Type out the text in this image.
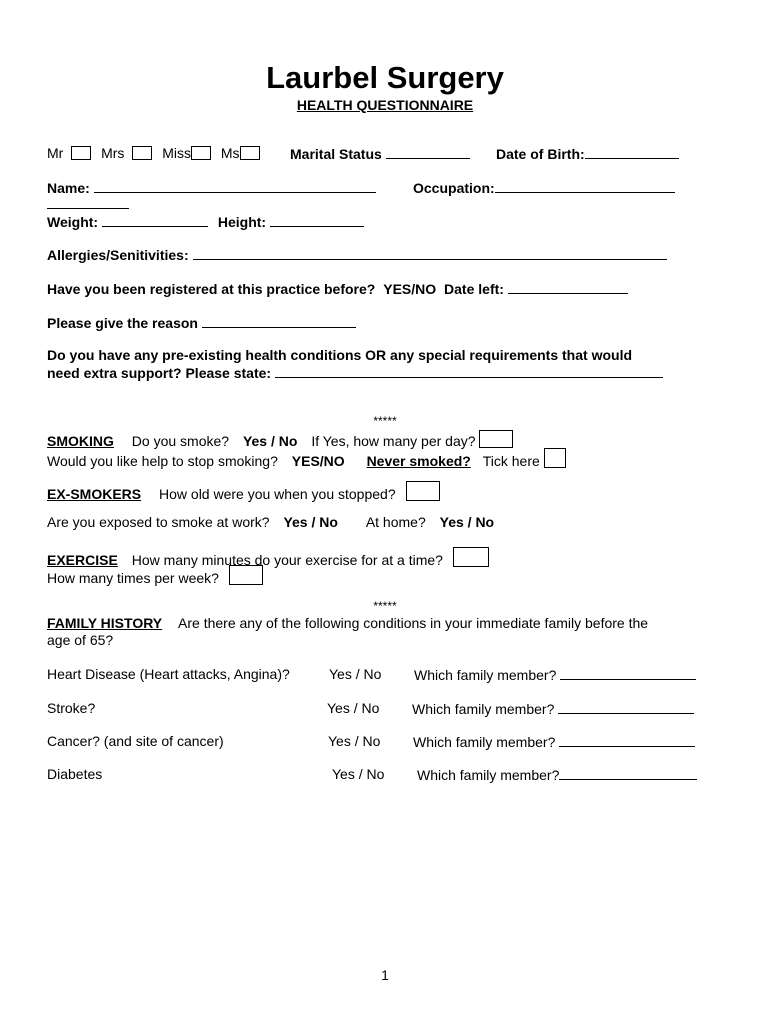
Laurbel Surgery
HEALTH QUESTIONNAIRE
Mr	Mrs	Miss Ms	Marital Status	Date of Birth:
Name:	Occupation:
Weight:	Height:
Allergies/Senitivities:
Have you been registered at this practice before? YES/NO Date left:
Please give the reason
Do you have any pre-existing health conditions OR any special requirements that would
need extra support? Please state:
*****
SMOKING Do you smoke? Yes / No If Yes, how many per day?
Would you like help to stop smoking? YES/NO Never smoked? Tick here
EX-SMOKERS How old were you when you stopped?
Are you exposed to smoke at work? Yes / No At home? Yes / No
EXERCISE How many minutes do your exercise for at a time?
How many times per week?
*****
FAMILY HISTORY Are there any of the following conditions in your immediate family before the
age of 65?
Heart Disease (Heart attacks, Angina)?	Yes / No Which family member?
Stroke?	Yes / No Which family member?
Cancer? (and site of cancer)	Yes / No Which family member?
Diabetes	Yes / No Which family member?
1
